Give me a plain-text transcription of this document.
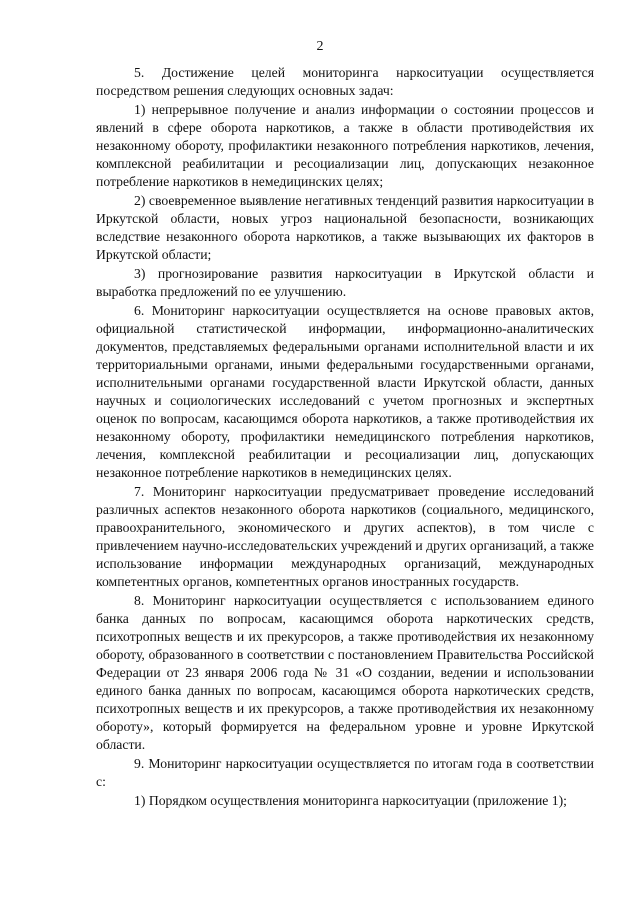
2

5. Достижение целей мониторинга наркоситуации осуществляется посредством решения следующих основных задач:

1) непрерывное получение и анализ информации о состоянии процессов и явлений в сфере оборота наркотиков, а также в области противодействия их незаконному обороту, профилактики незаконного потребления наркотиков, лечения, комплексной реабилитации и ресоциализации лиц, допускающих незаконное потребление наркотиков в немедицинских целях;

2) своевременное выявление негативных тенденций развития наркоситуации в Иркутской области, новых угроз национальной безопасности, возникающих вследствие незаконного оборота наркотиков, а также вызывающих их факторов в Иркутской области;

3) прогнозирование развития наркоситуации в Иркутской области и выработка предложений по ее улучшению.

6. Мониторинг наркоситуации осуществляется на основе правовых актов, официальной статистической информации, информационно-аналитических документов, представляемых федеральными органами исполнительной власти и их территориальными органами, иными федеральными государственными органами, исполнительными органами государственной власти Иркутской области, данных научных и социологических исследований с учетом прогнозных и экспертных оценок по вопросам, касающимся оборота наркотиков, а также противодействия их незаконному обороту, профилактики немедицинского потребления наркотиков, лечения, комплексной реабилитации и ресоциализации лиц, допускающих незаконное потребление наркотиков в немедицинских целях.

7. Мониторинг наркоситуации предусматривает проведение исследований различных аспектов незаконного оборота наркотиков (социального, медицинского, правоохранительного, экономического и других аспектов), в том числе с привлечением научно-исследовательских учреждений и других организаций, а также использование информации международных организаций, международных компетентных органов, компетентных органов иностранных государств.

8. Мониторинг наркоситуации осуществляется с использованием единого банка данных по вопросам, касающимся оборота наркотических средств, психотропных веществ и их прекурсоров, а также противодействия их незаконному обороту, образованного в соответствии с постановлением Правительства Российской Федерации от 23 января 2006 года № 31 «О создании, ведении и использовании единого банка данных по вопросам, касающимся оборота наркотических средств, психотропных веществ и их прекурсоров, а также противодействия их незаконному обороту», который формируется на федеральном уровне и уровне Иркутской области.

9. Мониторинг наркоситуации осуществляется по итогам года в соответствии с:

1) Порядком осуществления мониторинга наркоситуации (приложение 1);
